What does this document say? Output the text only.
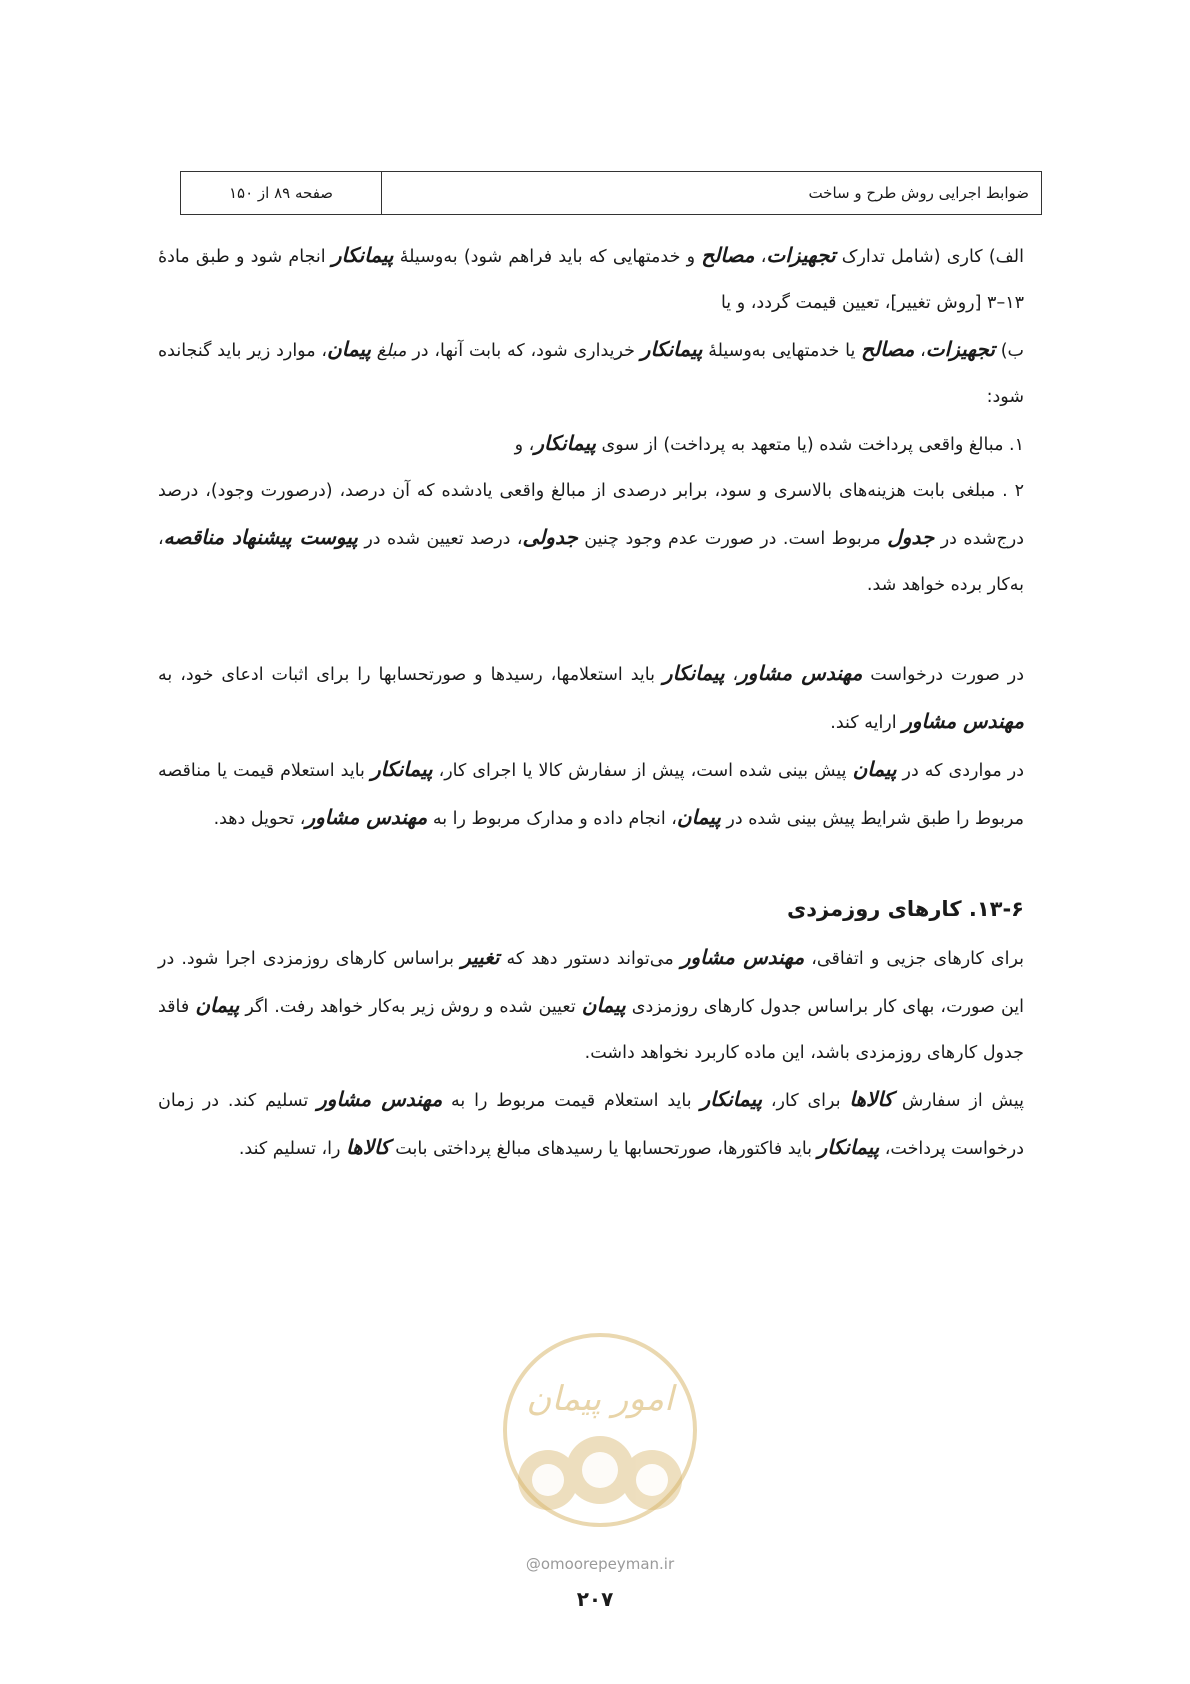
صفحه ۸۹ از ۱۵۰	ضوابط اجرایی روش طرح و ساخت

الف) کاری (شامل تدارک تجهیزات، مصالح و خدمتهایی که باید فراهم شود) به‌وسیلهٔ پیمانکار انجام شود و طبق مادهٔ ۱۳–۳ [روش تغییر]، تعیین قیمت گردد، و یا

ب) تجهیزات، مصالح یا خدمتهایی به‌وسیلهٔ پیمانکار خریداری شود، که بابت آنها، در مبلغ پیمان، موارد زیر باید گنجانده شود:

۱. مبالغ واقعی پرداخت شده (یا متعهد به پرداخت) از سوی پیمانکار، و

۲ . مبلغی بابت هزینه‌های بالاسری و سود، برابر درصدی از مبالغ واقعی یادشده که آن درصد، (درصورت وجود)، درصد درج‌شده در جدول مربوط است. در صورت عدم وجود چنین جدولی، درصد تعیین شده در پیوست پیشنهاد مناقصه، به‌کار برده خواهد شد.

در صورت درخواست مهندس مشاور، پیمانکار باید استعلامها، رسیدها و صورتحسابها را برای اثبات ادعای خود، به مهندس مشاور ارایه کند.

در مواردی که در پیمان پیش بینی شده است، پیش از سفارش کالا یا اجرای کار، پیمانکار باید استعلام قیمت یا مناقصه مربوط را طبق شرایط پیش بینی شده در پیمان، انجام داده و مدارک مربوط را به مهندس مشاور، تحویل دهد.

۱۳-۶. کارهای روزمزدی

برای کارهای جزیی و اتفاقی، مهندس مشاور می‌تواند دستور دهد که تغییر براساس کارهای روزمزدی اجرا شود. در این صورت، بهای کار براساس جدول کارهای روزمزدی پیمان تعیین شده و روش زیر به‌کار خواهد رفت. اگر پیمان فاقد جدول کارهای روزمزدی باشد، این ماده کاربرد نخواهد داشت.

پیش از سفارش کالاها برای کار، پیمانکار باید استعلام قیمت مربوط را به مهندس مشاور تسلیم کند. در زمان درخواست پرداخت، پیمانکار باید فاکتورها، صورتحسابها یا رسیدهای مبالغ پرداختی بابت کالاها را، تسلیم کند.

امور پیمان
@omoorepeyman.ir
۲۰۷
